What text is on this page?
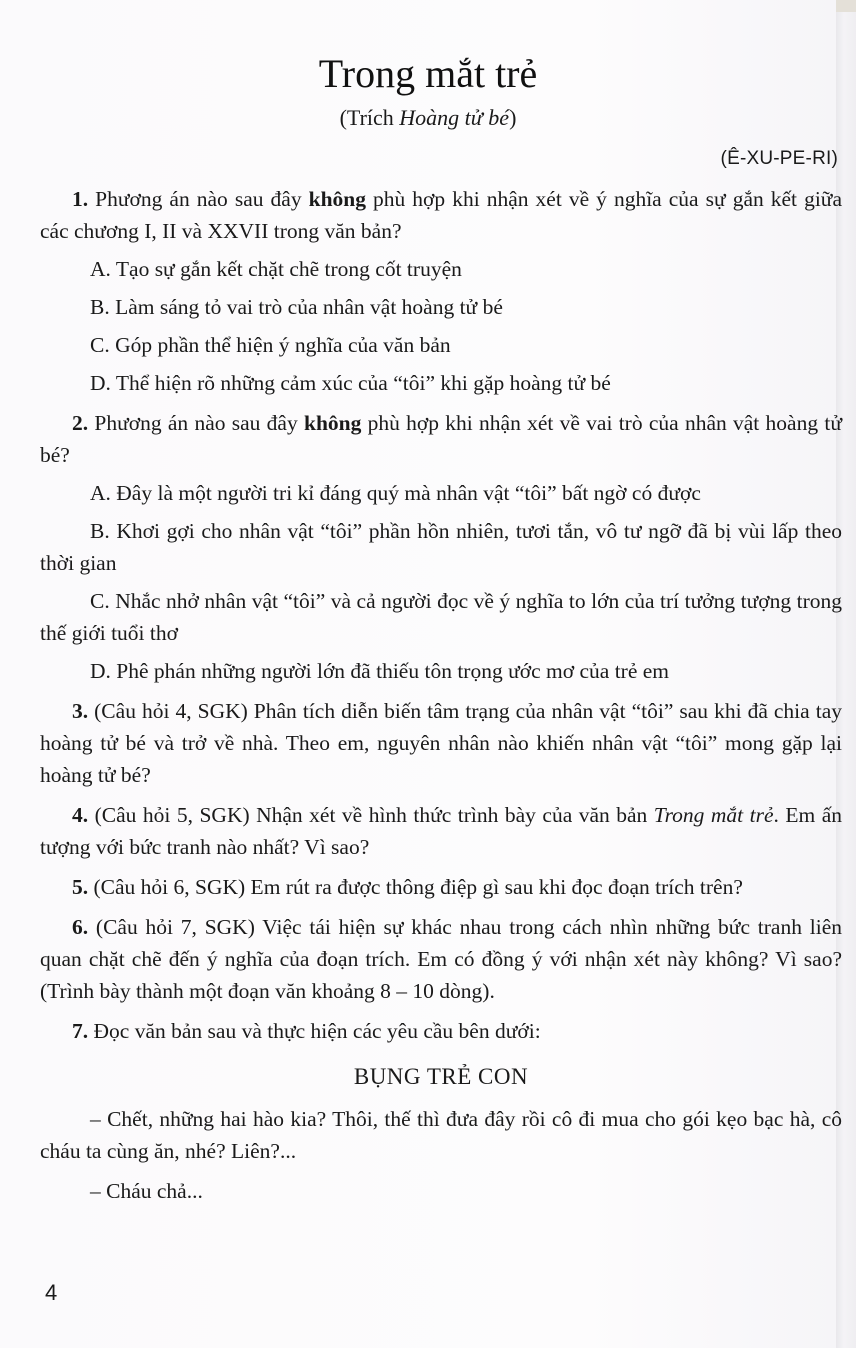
Trong mắt trẻ
(Trích Hoàng tử bé)
(Ê-XU-PE-RI)

1. Phương án nào sau đây không phù hợp khi nhận xét về ý nghĩa của sự gắn kết giữa các chương I, II và XXVII trong văn bản?

A. Tạo sự gắn kết chặt chẽ trong cốt truyện

B. Làm sáng tỏ vai trò của nhân vật hoàng tử bé

C. Góp phần thể hiện ý nghĩa của văn bản

D. Thể hiện rõ những cảm xúc của “tôi” khi gặp hoàng tử bé

2. Phương án nào sau đây không phù hợp khi nhận xét về vai trò của nhân vật hoàng tử bé?

A. Đây là một người tri kỉ đáng quý mà nhân vật “tôi” bất ngờ có được

B. Khơi gợi cho nhân vật “tôi” phần hồn nhiên, tươi tắn, vô tư ngỡ đã bị vùi lấp theo thời gian

C. Nhắc nhở nhân vật “tôi” và cả người đọc về ý nghĩa to lớn của trí tưởng tượng trong thế giới tuổi thơ

D. Phê phán những người lớn đã thiếu tôn trọng ước mơ của trẻ em

3. (Câu hỏi 4, SGK) Phân tích diễn biến tâm trạng của nhân vật “tôi” sau khi đã chia tay hoàng tử bé và trở về nhà. Theo em, nguyên nhân nào khiến nhân vật “tôi” mong gặp lại hoàng tử bé?

4. (Câu hỏi 5, SGK) Nhận xét về hình thức trình bày của văn bản Trong mắt trẻ. Em ấn tượng với bức tranh nào nhất? Vì sao?

5. (Câu hỏi 6, SGK) Em rút ra được thông điệp gì sau khi đọc đoạn trích trên?

6. (Câu hỏi 7, SGK) Việc tái hiện sự khác nhau trong cách nhìn những bức tranh liên quan chặt chẽ đến ý nghĩa của đoạn trích. Em có đồng ý với nhận xét này không? Vì sao? (Trình bày thành một đoạn văn khoảng 8 – 10 dòng).

7. Đọc văn bản sau và thực hiện các yêu cầu bên dưới:

BỤNG TRẺ CON

– Chết, những hai hào kia? Thôi, thế thì đưa đây rồi cô đi mua cho gói kẹo bạc hà, cô cháu ta cùng ăn, nhé? Liên?...

– Cháu chả...

4
